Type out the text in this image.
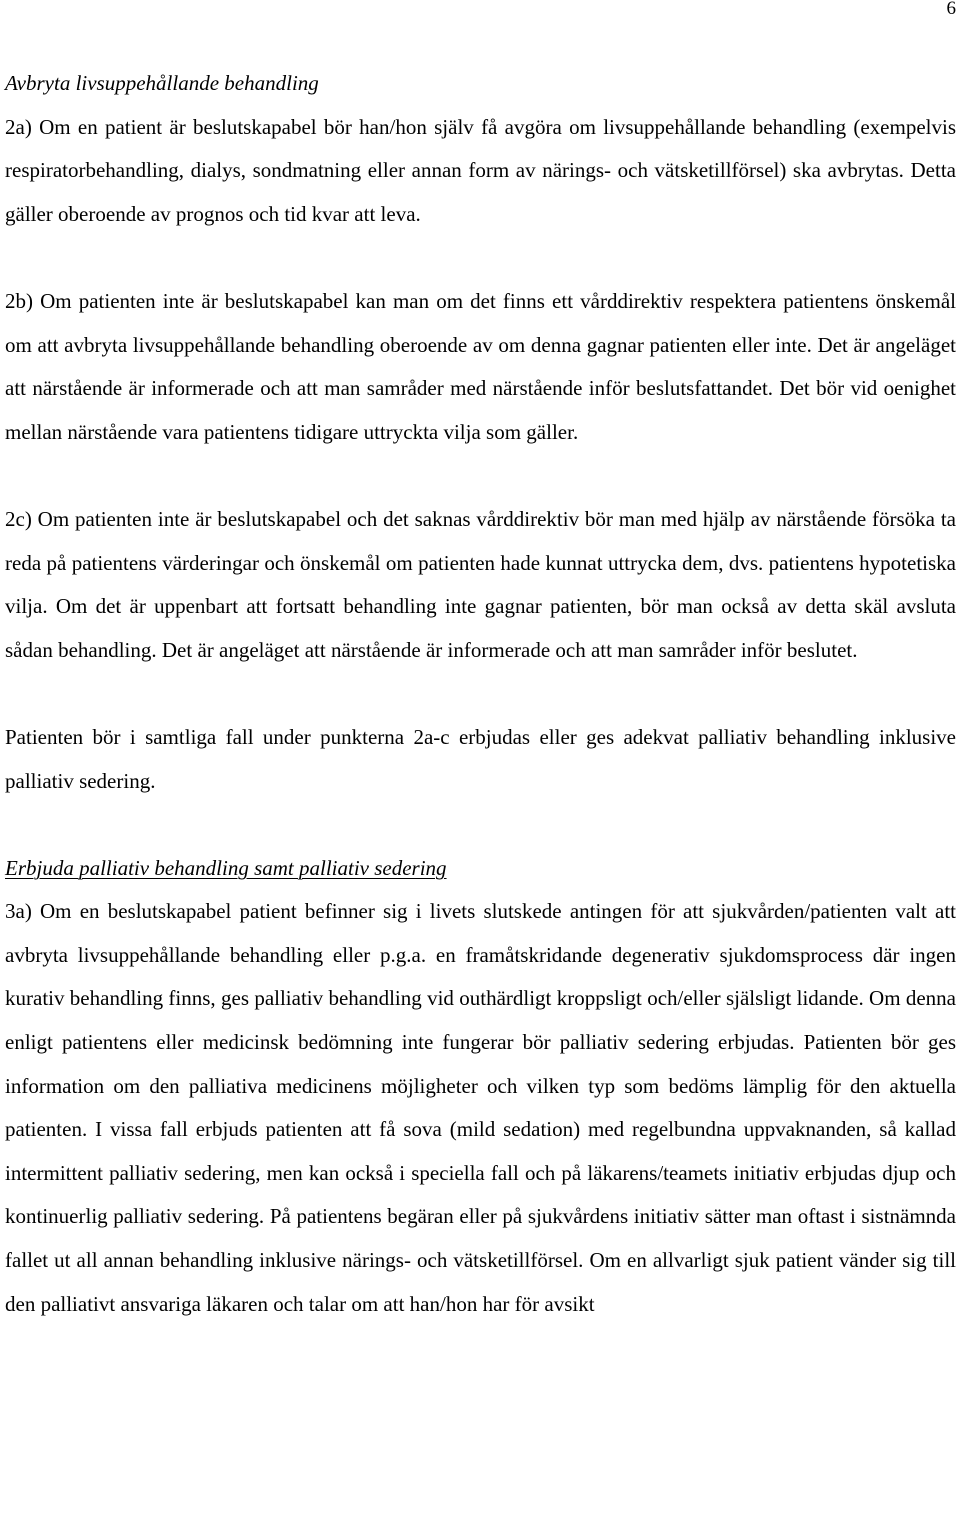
6

Avbryta livsuppehållande behandling

2a) Om en patient är beslutskapabel bör han/hon själv få avgöra om livsuppehållande behandling (exempelvis respiratorbehandling, dialys, sondmatning eller annan form av närings- och vätsketillförsel) ska avbrytas. Detta gäller oberoende av prognos och tid kvar att leva.

2b) Om patienten inte är beslutskapabel kan man om det finns ett vårddirektiv respektera patientens önskemål om att avbryta livsuppehållande behandling oberoende av om denna gagnar patienten eller inte. Det är angeläget att närstående är informerade och att man samråder med närstående inför beslutsfattandet. Det bör vid oenighet mellan närstående vara patientens tidigare uttryckta vilja som gäller.

2c) Om patienten inte är beslutskapabel och det saknas vårddirektiv bör man med hjälp av närstående försöka ta reda på patientens värderingar och önskemål om patienten hade kunnat uttrycka dem, dvs. patientens hypotetiska vilja. Om det är uppenbart att fortsatt behandling inte gagnar patienten, bör man också av detta skäl avsluta sådan behandling. Det är angeläget att närstående är informerade och att man samråder inför beslutet.

Patienten bör i samtliga fall under punkterna 2a-c erbjudas eller ges adekvat palliativ behandling inklusive palliativ sedering.

Erbjuda palliativ behandling samt palliativ sedering

3a) Om en beslutskapabel patient befinner sig i livets slutskede antingen för att sjukvården/patienten valt att avbryta livsuppehållande behandling eller p.g.a. en framåtskridande degenerativ sjukdomsprocess där ingen kurativ behandling finns, ges palliativ behandling vid outhärdligt kroppsligt och/eller själsligt lidande. Om denna enligt patientens eller medicinsk bedömning inte fungerar bör palliativ sedering erbjudas. Patienten bör ges information om den palliativa medicinens möjligheter och vilken typ som bedöms lämplig för den aktuella patienten. I vissa fall erbjuds patienten att få sova (mild sedation) med regelbundna uppvaknanden, så kallad intermittent palliativ sedering, men kan också i speciella fall och på läkarens/teamets initiativ erbjudas djup och kontinuerlig palliativ sedering. På patientens begäran eller på sjukvårdens initiativ sätter man oftast i sistnämnda fallet ut all annan behandling inklusive närings- och vätsketillförsel. Om en allvarligt sjuk patient vänder sig till den palliativt ansvariga läkaren och talar om att han/hon har för avsikt
